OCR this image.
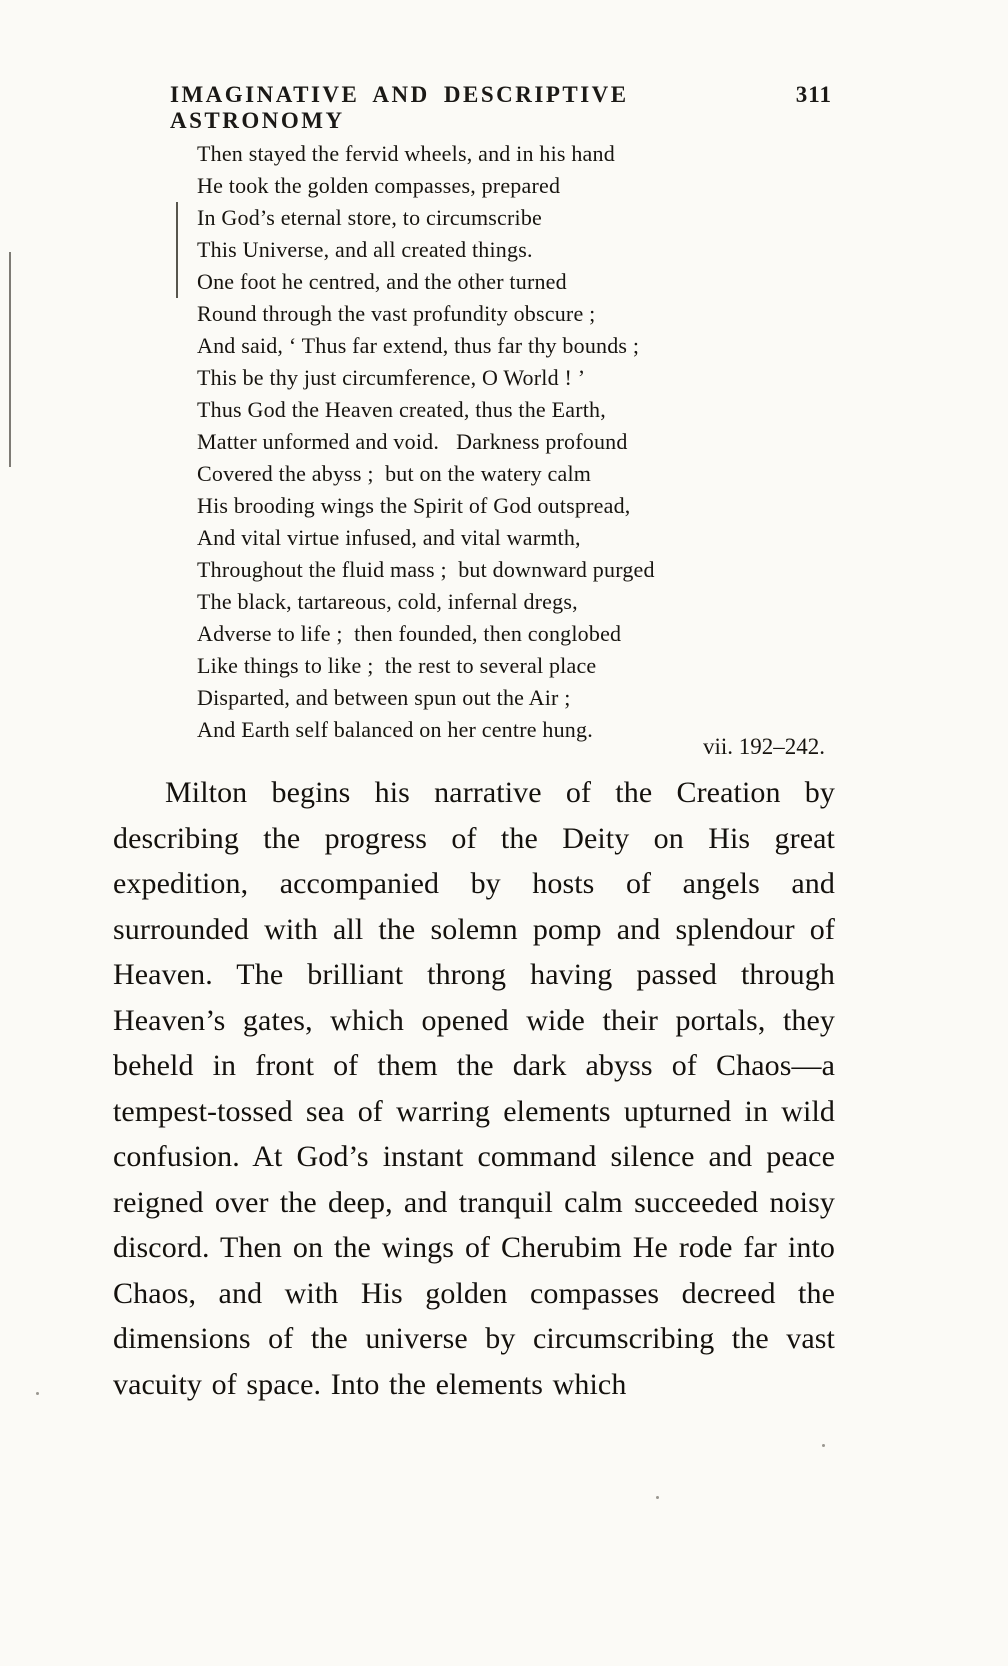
IMAGINATIVE AND DESCRIPTIVE ASTRONOMY
311
Then stayed the fervid wheels, and in his hand
He took the golden compasses, prepared
In God’s eternal store, to circumscribe
This Universe, and all created things.
One foot he centred, and the other turned
Round through the vast profundity obscure ;
And said, ‘ Thus far extend, thus far thy bounds ;
This be thy just circumference, O World ! ’
Thus God the Heaven created, thus the Earth,
Matter unformed and void.   Darkness profound
Covered the abyss ;  but on the watery calm
His brooding wings the Spirit of God outspread,
And vital virtue infused, and vital warmth,
Throughout the fluid mass ;  but downward purged
The black, tartareous, cold, infernal dregs,
Adverse to life ;  then founded, then conglobed
Like things to like ;  the rest to several place
Disparted, and between spun out the Air ;
And Earth self balanced on her centre hung.
vii. 192–242.

Milton begins his narrative of the Creation by describing the progress of the Deity on His great expedition, accompanied by hosts of angels and surrounded with all the solemn pomp and splendour of Heaven. The brilliant throng having passed through Heaven’s gates, which opened wide their portals, they beheld in front of them the dark abyss of Chaos—a tempest-tossed sea of warring elements upturned in wild confusion. At God’s instant command silence and peace reigned over the deep, and tranquil calm succeeded noisy discord. Then on the wings of Cherubim He rode far into Chaos, and with His golden compasses decreed the dimensions of the universe by circumscribing the vast vacuity of space. Into the elements which
